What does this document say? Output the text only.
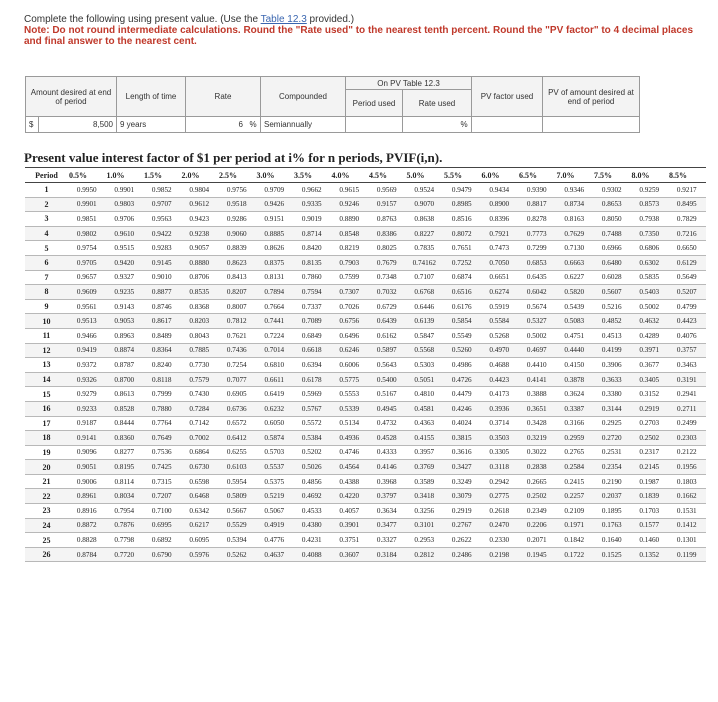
Complete the following using present value. (Use the Table 12.3 provided.)
Note: Do not round intermediate calculations. Round the "Rate used" to the nearest tenth percent. Round the "PV factor" to 4 decimal places and final answer to the nearest cent.
Amount desired at end of period		Length of time	Rate		Compounded	On PV Table 12.3			PV factor used	PV of amount desired at end of period
						Period used	Rate used			
$	8,500	9 years	6	%	Semiannually			%		
Present value interest factor of $1 per period at i% for n periods, PVIF(i,n).
Period	0.5%	1.0%	1.5%	2.0%	2.5%	3.0%	3.5%	4.0%	4.5%	5.0%	5.5%	6.0%	6.5%	7.0%	7.5%	8.0%	8.5%
1	0.9950	0.9901	0.9852	0.9804	0.9756	0.9709	0.9662	0.9615	0.9569	0.9524	0.9479	0.9434	0.9390	0.9346	0.9302	0.9259	0.9217
2	0.9901	0.9803	0.9707	0.9612	0.9518	0.9426	0.9335	0.9246	0.9157	0.9070	0.8985	0.8900	0.8817	0.8734	0.8653	0.8573	0.8495
3	0.9851	0.9706	0.9563	0.9423	0.9286	0.9151	0.9019	0.8890	0.8763	0.8638	0.8516	0.8396	0.8278	0.8163	0.8050	0.7938	0.7829
4	0.9802	0.9610	0.9422	0.9238	0.9060	0.8885	0.8714	0.8548	0.8386	0.8227	0.8072	0.7921	0.7773	0.7629	0.7488	0.7350	0.7216
5	0.9754	0.9515	0.9283	0.9057	0.8839	0.8626	0.8420	0.8219	0.8025	0.7835	0.7651	0.7473	0.7299	0.7130	0.6966	0.6806	0.6650
6	0.9705	0.9420	0.9145	0.8880	0.8623	0.8375	0.8135	0.7903	0.7679	0.74162	0.7252	0.7050	0.6853	0.6663	0.6480	0.6302	0.6129
7	0.9657	0.9327	0.9010	0.8706	0.8413	0.8131	0.7860	0.7599	0.7348	0.7107	0.6874	0.6651	0.6435	0.6227	0.6028	0.5835	0.5649
8	0.9609	0.9235	0.8877	0.8535	0.8207	0.7894	0.7594	0.7307	0.7032	0.6768	0.6516	0.6274	0.6042	0.5820	0.5607	0.5403	0.5207
9	0.9561	0.9143	0.8746	0.8368	0.8007	0.7664	0.7337	0.7026	0.6729	0.6446	0.6176	0.5919	0.5674	0.5439	0.5216	0.5002	0.4799
10	0.9513	0.9053	0.8617	0.8203	0.7812	0.7441	0.7089	0.6756	0.6439	0.6139	0.5854	0.5584	0.5327	0.5083	0.4852	0.4632	0.4423
11	0.9466	0.8963	0.8489	0.8043	0.7621	0.7224	0.6849	0.6496	0.6162	0.5847	0.5549	0.5268	0.5002	0.4751	0.4513	0.4289	0.4076
12	0.9419	0.8874	0.8364	0.7885	0.7436	0.7014	0.6618	0.6246	0.5897	0.5568	0.5260	0.4970	0.4697	0.4440	0.4199	0.3971	0.3757
13	0.9372	0.8787	0.8240	0.7730	0.7254	0.6810	0.6394	0.6006	0.5643	0.5303	0.4986	0.4688	0.4410	0.4150	0.3906	0.3677	0.3463
14	0.9326	0.8700	0.8118	0.7579	0.7077	0.6611	0.6178	0.5775	0.5400	0.5051	0.4726	0.4423	0.4141	0.3878	0.3633	0.3405	0.3191
15	0.9279	0.8613	0.7999	0.7430	0.6905	0.6419	0.5969	0.5553	0.5167	0.4810	0.4479	0.4173	0.3888	0.3624	0.3380	0.3152	0.2941
16	0.9233	0.8528	0.7880	0.7284	0.6736	0.6232	0.5767	0.5339	0.4945	0.4581	0.4246	0.3936	0.3651	0.3387	0.3144	0.2919	0.2711
17	0.9187	0.8444	0.7764	0.7142	0.6572	0.6050	0.5572	0.5134	0.4732	0.4363	0.4024	0.3714	0.3428	0.3166	0.2925	0.2703	0.2499
18	0.9141	0.8360	0.7649	0.7002	0.6412	0.5874	0.5384	0.4936	0.4528	0.4155	0.3815	0.3503	0.3219	0.2959	0.2720	0.2502	0.2303
19	0.9096	0.8277	0.7536	0.6864	0.6255	0.5703	0.5202	0.4746	0.4333	0.3957	0.3616	0.3305	0.3022	0.2765	0.2531	0.2317	0.2122
20	0.9051	0.8195	0.7425	0.6730	0.6103	0.5537	0.5026	0.4564	0.4146	0.3769	0.3427	0.3118	0.2838	0.2584	0.2354	0.2145	0.1956
21	0.9006	0.8114	0.7315	0.6598	0.5954	0.5375	0.4856	0.4388	0.3968	0.3589	0.3249	0.2942	0.2665	0.2415	0.2190	0.1987	0.1803
22	0.8961	0.8034	0.7207	0.6468	0.5809	0.5219	0.4692	0.4220	0.3797	0.3418	0.3079	0.2775	0.2502	0.2257	0.2037	0.1839	0.1662
23	0.8916	0.7954	0.7100	0.6342	0.5667	0.5067	0.4533	0.4057	0.3634	0.3256	0.2919	0.2618	0.2349	0.2109	0.1895	0.1703	0.1531
24	0.8872	0.7876	0.6995	0.6217	0.5529	0.4919	0.4380	0.3901	0.3477	0.3101	0.2767	0.2470	0.2206	0.1971	0.1763	0.1577	0.1412
25	0.8828	0.7798	0.6892	0.6095	0.5394	0.4776	0.4231	0.3751	0.3327	0.2953	0.2622	0.2330	0.2071	0.1842	0.1640	0.1460	0.1301
26	0.8784	0.7720	0.6790	0.5976	0.5262	0.4637	0.4088	0.3607	0.3184	0.2812	0.2486	0.2198	0.1945	0.1722	0.1525	0.1352	0.1199
